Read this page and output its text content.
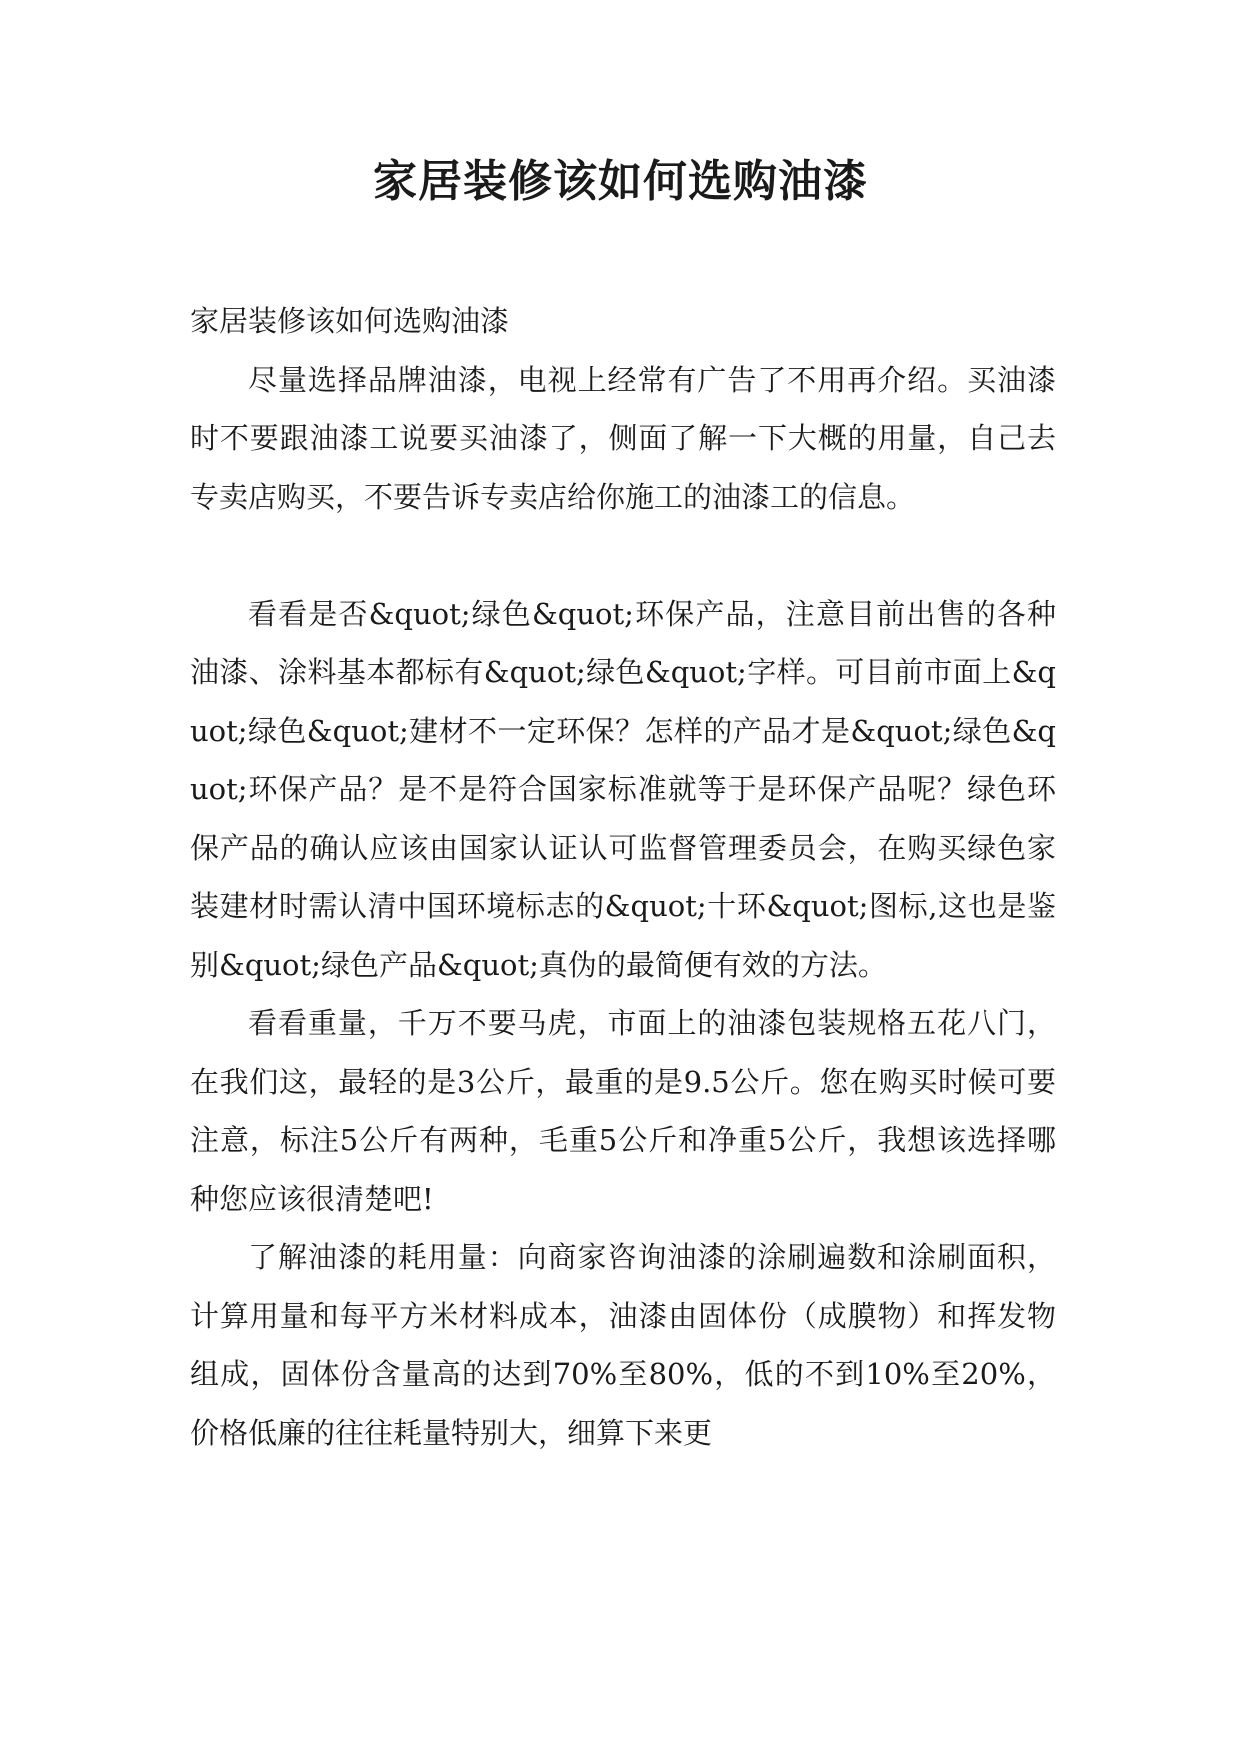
家居装修该如何选购油漆

家居装修该如何选购油漆

尽量选择品牌油漆，电视上经常有广告了不用再介绍。买油漆时不要跟油漆工说要买油漆了，侧面了解一下大概的用量，自己去专卖店购买，不要告诉专卖店给你施工的油漆工的信息。

看看是否&quot;绿色&quot;环保产品，注意目前出售的各种油漆、涂料基本都标有&quot;绿色&quot;字样。可目前市面上&quot;绿色&quot;建材不一定环保？怎样的产品才是&quot;绿色&quot;环保产品？是不是符合国家标准就等于是环保产品呢？绿色环保产品的确认应该由国家认证认可监督管理委员会，在购买绿色家装建材时需认清中国环境标志的&quot;十环&quot;图标,这也是鉴别&quot;绿色产品&quot;真伪的最简便有效的方法。

看看重量，千万不要马虎，市面上的油漆包装规格五花八门，在我们这，最轻的是3公斤，最重的是9.5公斤。您在购买时候可要注意，标注5公斤有两种，毛重5公斤和净重5公斤，我想该选择哪种您应该很清楚吧!

了解油漆的耗用量：向商家咨询油漆的涂刷遍数和涂刷面积，计算用量和每平方米材料成本，油漆由固体份（成膜物）和挥发物组成，固体份含量高的达到70%至80%，低的不到10%至20%，价格低廉的往往耗量特别大，细算下来更
